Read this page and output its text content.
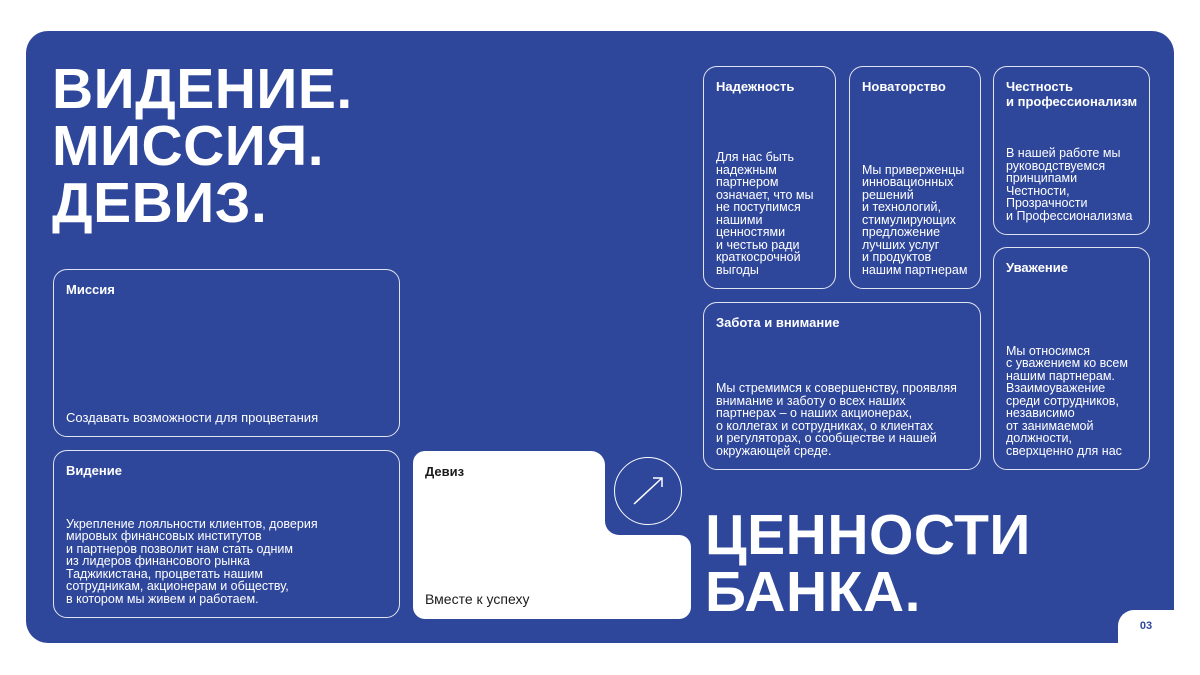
03
ВИДЕНИЕ.
МИССИЯ.
ДЕВИЗ.
Миссия
Создавать возможности для процветания
Видение
Укрепление лояльности клиентов, доверия
мировых финансовых институтов
и партнеров позволит нам стать одним
из лидеров финансового рынка
Таджикистана, процветать нашим
сотрудникам, акционерам и обществу,
в котором мы живем и работаем.
Девиз
Вместе к успеху
ЦЕННОСТИ
БАНКА.
Надежность
Для нас быть
надежным
партнером
означает, что мы
не поступимся
нашими
ценностями
и честью ради
краткосрочной
выгоды
Новаторство
Мы приверженцы
инновационных
решений
и технологий,
стимулирующих
предложение
лучших услуг
и продуктов
нашим партнерам
Честность
и профессионализм
В нашей работе мы
руководствуемся
принципами
Честности,
Прозрачности
и Профессионализма
Забота и внимание
Мы стремимся к совершенству, проявляя
внимание и заботу о всех наших
партнерах – о наших акционерах,
о коллегах и сотрудниках, о клиентах
и регуляторах, о сообществе и нашей
окружающей среде.
Уважение
Мы относимся
с уважением ко всем
нашим партнерам.
Взаимоуважение
среди сотрудников,
независимо
от занимаемой
должности,
сверхценно для нас
